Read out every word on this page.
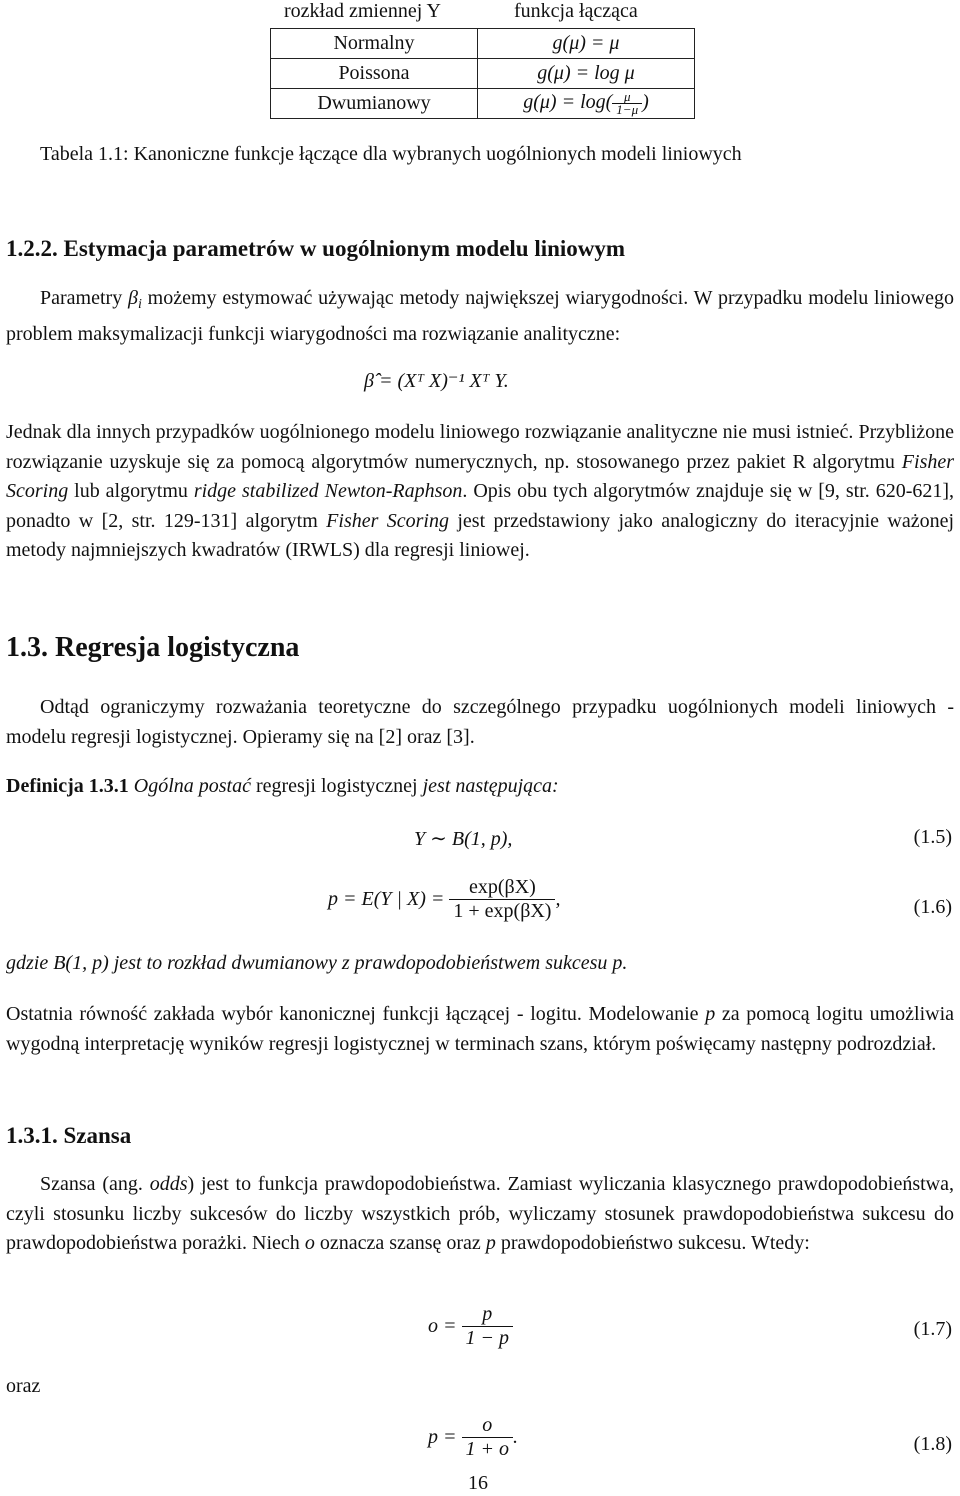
rozkład zmiennej Y	funkcja łącząca
Normalny	g(μ) = μ
Poissona	g(μ) = log μ
Dwumianowy	$g(\mu) = \log( \frac{\mu}{1-\mu}$ )
Tabela 1.1: Kanoniczne funkcje łączące dla wybranych uogólnionych modeli liniowych
1.2.2. Estymacja parametrów w uogólnionym modelu liniowym

Parametry $\beta_i$ możemy estymować używając metody największej wiarygodności. W przypadku modelu liniowego problem maksymalizacji funkcji wiarygodności ma rozwiązanie analityczne:

β̂ = (Xᵀ X)⁻¹ Xᵀ Y.

Jednak dla innych przypadków uogólnionego modelu liniowego rozwiązanie analityczne nie musi istnieć. Przybliżone rozwiązanie uzyskuje się za pomocą algorytmów numerycznych, np. stosowanego przez pakiet R algorytmu Fisher Scoring lub algorytmu ridge stabilized Newton-Raphson. Opis obu tych algorytmów znajduje się w [9, str. 620-621], ponadto w [2, str. 129-131] algorytm Fisher Scoring jest przedstawiony jako analogiczny do iteracyjnie ważonej metody najmniejszych kwadratów (IRWLS) dla regresji liniowej.

1.3. Regresja logistyczna

Odtąd ograniczymy rozważania teoretyczne do szczególnego przypadku uogólnionych modeli liniowych - modelu regresji logistycznej. Opieramy się na [2] oraz [3].

Definicja 1.3.1 Ogólna postać regresji logistycznej jest następująca:

Y ∼ B(1, p),	(1.5)
p = E(Y | $X) = \frac{\exp(\beta X)}{1 + \exp(\beta X)}$ ,	(1.6)
gdzie B(1, p) jest to rozkład dwumianowy z prawdopodobieństwem sukcesu p.

Ostatnia równość zakłada wybór kanonicznej funkcji łączącej - logitu. Modelowanie p za pomocą logitu umożliwia wygodną interpretację wyników regresji logistycznej w terminach szans, którym poświęcamy następny podrozdział.

1.3.1. Szansa

Szansa (ang. odds) jest to funkcja prawdopodobieństwa. Zamiast wyliczania klasycznego prawdopodobieństwa, czyli stosunku liczby sukcesów do liczby wszystkich prób, wyliczamy stosunek prawdopodobieństwa sukcesu do prawdopodobieństwa porażki. Niech o oznacza szansę oraz p prawdopodobieństwo sukcesu. Wtedy:

$o = \frac{p}{1 - p}$	(1.7)
oraz
$p = \frac{o}{1 + o}$ .	(1.8)
16
